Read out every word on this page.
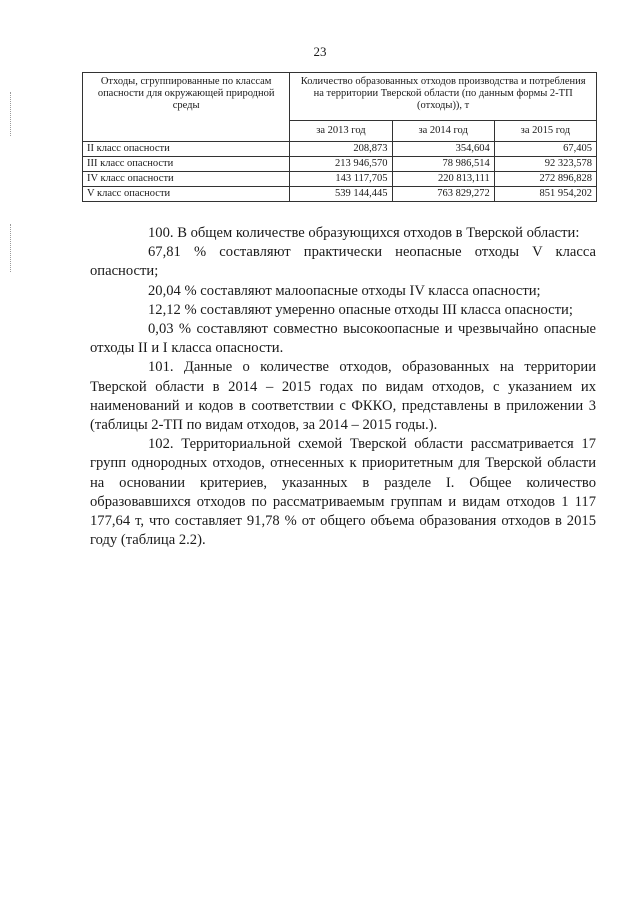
23
Отходы, сгруппированные по классам опасности для окружающей природной среды	Количество образованных отходов производства и потребления на территории Тверской области (по данным формы 2-ТП (отходы)), т		
	за 2013 год	за 2014 год	за 2015 год
II класс опасности	208,873	354,604	67,405
III класс опасности	213 946,570	78 986,514	92 323,578
IV класс опасности	143 117,705	220 813,111	272 896,828
V класс опасности	539 144,445	763 829,272	851 954,202

100. В общем количестве образующихся отходов в Тверской области:

67,81 % составляют практически неопасные отходы V класса опасности;

20,04 % составляют малоопасные отходы IV класса опасности;

12,12 % составляют умеренно опасные отходы III класса опасности;

0,03 % составляют совместно высокоопасные и чрезвычайно опасные отходы II и I класса опасности.

101. Данные о количестве отходов, образованных на территории Тверской области в 2014 – 2015 годах по видам отходов, с указанием их наименований и кодов в соответствии с ФККО, представлены в приложении 3 (таблицы 2-ТП по видам отходов, за 2014 – 2015 годы.).

102. Территориальной схемой Тверской области рассматривается 17 групп однородных отходов, отнесенных к приоритетным для Тверской области на основании критериев, указанных в разделе I. Общее количество образовавшихся отходов по рассматриваемым группам и видам отходов 1 117 177,64 т, что составляет 91,78 % от общего объема образования отходов в 2015 году (таблица 2.2).
